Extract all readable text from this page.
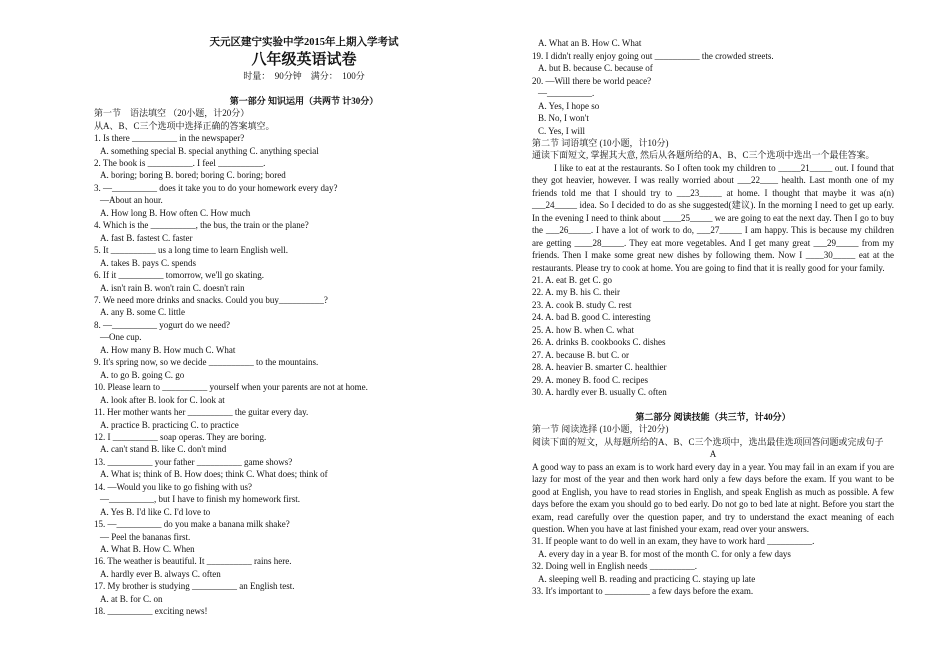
天元区建宁实验中学2015年上期入学考试
八年级英语试卷
时量：　90分钟　满分：　100分

第一部分 知识运用（共两节 计30分）
第一节　语法填空 （20小题，计20分）
从A、B、C三个选项中选择正确的答案填空。
1. Is there __________ in the newspaper?
A. something special B. special anything C. anything special
2. The book is __________. I feel __________.
A. boring; boring B. bored; boring C. boring; bored
3. —__________ does it take you to do your homework every day?
—About an hour.
A. How long B. How often C. How much
4. Which is the __________, the bus, the train or the plane?
A. fast B. fastest C. faster
5. It __________ us a long time to learn English well.
A. takes B. pays C. spends
6. If it __________ tomorrow, we'll go skating.
A. isn't rain B. won't rain C. doesn't rain
7. We need more drinks and snacks. Could you buy__________?
A. any B. some C. little
8. —__________ yogurt do we need?
—One cup.
A. How many B. How much C. What
9. It's spring now, so we decide __________ to the mountains.
A. to go B. going C. go
10. Please learn to __________ yourself when your parents are not at home.
A. look after B. look for C. look at
11. Her mother wants her __________ the guitar every day.
A. practice B. practicing C. to practice
12. I __________ soap operas. They are boring.
A. can't stand B. like C. don't mind
13. __________ your father __________ game shows?
A. What is; think of B. How does; think C. What does; think of
14. —Would you like to go fishing with us?
—__________, but I have to finish my homework first.
A. Yes B. I'd like C. I'd love to
15. —__________ do you make a banana milk shake?
— Peel the bananas first.
A. What B. How C. When
16. The weather is beautiful. It __________ rains here.
A. hardly ever B. always C. often
17. My brother is studying __________ an English test.
A. at B. for C. on
18. __________ exciting news!

A. What an B. How C. What
19. I didn't really enjoy going out __________ the crowded streets.
A. but B. because C. because of
20. —Will there be world peace?
—__________.
A. Yes, I hope so
B. No, I won't
C. Yes, I will
第二节 词语填空 (10小题，计10分)
通读下面短文, 掌握其大意, 然后从各题所给的A、B、C三个选项中选出一个最佳答案。
I like to eat at the restaurants. So I often took my children to _____21_____ out. I found that they got heavier, however. I was really worried about ___22____ health. Last month one of my friends told me that I should try to ___23_____ at home. I thought that maybe it was a(n) ___24_____ idea. So I decided to do as she suggested(建议). In the morning I need to get up early. In the evening I need to think about ____25_____ we are going to eat the next day. Then I go to buy the ___26_____. I have a lot of work to do, ___27_____ I am happy. This is because my children are getting ____28_____. They eat more vegetables. And I get many great ___29_____ from my friends. Then I make some great new dishes by following them. Now I ____30_____ eat at the restaurants. Please try to cook at home. You are going to find that it is really good for your family.
21. A. eat B. get C. go
22. A. my B. his C. their
23. A. cook B. study C. rest
24. A. bad B. good C. interesting
25. A. how B. when C. what
26. A. drinks B. cookbooks C. dishes
27. A. because B. but C. or
28. A. heavier B. smarter C. healthier
29. A. money B. food C. recipes
30. A. hardly ever B. usually C. often

第二部分 阅读技能（共三节，计40分）
第一节 阅读选择 (10小题，计20分)
阅读下面的短文，从每题所给的A、B、C三个选项中，选出最佳选项回答问题或完成句子
A
A good way to pass an exam is to work hard every day in a year. You may fail in an exam if you are lazy for most of the year and then work hard only a few days before the exam. If you want to be good at English, you have to read stories in English, and speak English as much as possible. A few days before the exam you should go to bed early. Do not go to bed late at night. Before you start the exam, read carefully over the question paper, and try to understand the exact meaning of each question. When you have at last finished your exam, read over your answers.
31. If people want to do well in an exam, they have to work hard __________.
A. every day in a year B. for most of the month C. for only a few days
32. Doing well in English needs __________.
A. sleeping well B. reading and practicing C. staying up late
33. It's important to __________ a few days before the exam.
